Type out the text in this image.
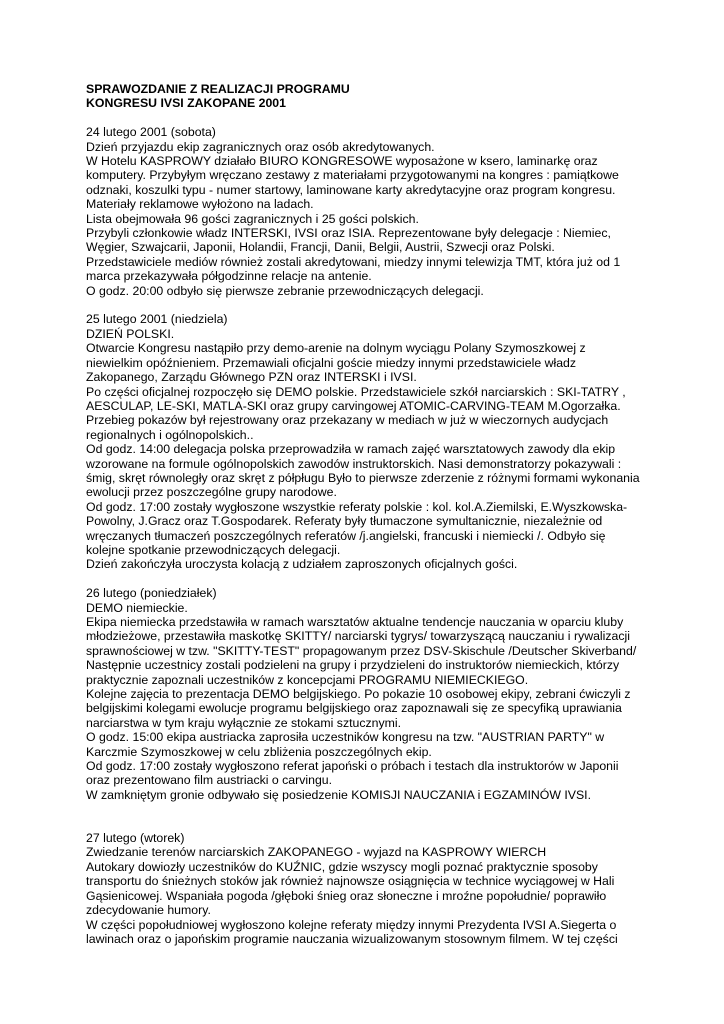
SPRAWOZDANIE Z REALIZACJI PROGRAMU

KONGRESU IVSI ZAKOPANE 2001

24 lutego 2001 (sobota)

Dzień przyjazdu ekip zagranicznych oraz osób akredytowanych.

W Hotelu KASPROWY działało BIURO KONGRESOWE wyposażone w ksero, laminarkę oraz

komputery. Przybyłym wręczano zestawy z materiałami przygotowanymi na kongres : pamiątkowe

odznaki, koszulki typu - numer startowy, laminowane karty akredytacyjne oraz program kongresu.

Materiały reklamowe wyłożono na ladach.

Lista obejmowała 96 gości zagranicznych i 25 gości polskich.

Przybyli członkowie władz INTERSKI, IVSI oraz ISIA. Reprezentowane były delegacje : Niemiec,

Węgier, Szwajcarii, Japonii, Holandii, Francji, Danii, Belgii, Austrii, Szwecji oraz Polski.

Przedstawiciele mediów również zostali akredytowani, miedzy innymi telewizja TMT, która już od 1

marca przekazywała półgodzinne relacje na antenie.

O godz. 20:00 odbyło się pierwsze zebranie przewodniczących delegacji.

25 lutego 2001 (niedziela)

DZIEŃ POLSKI.

Otwarcie Kongresu nastąpiło przy demo-arenie na dolnym wyciągu Polany Szymoszkowej z

niewielkim opóźnieniem. Przemawiali oficjalni goście miedzy innymi przedstawiciele władz

Zakopanego, Zarządu Głównego PZN oraz INTERSKI i IVSI.

Po części oficjalnej rozpoczęło się DEMO polskie. Przedstawiciele szkół narciarskich : SKI-TATRY ,

AESCULAP, LE-SKI, MATLA-SKI oraz grupy carvingowej ATOMIC-CARVING-TEAM M.Ogorzałka.

Przebieg pokazów był rejestrowany oraz przekazany w mediach w już w wieczornych audycjach

regionalnych i ogólnopolskich..

Od godz. 14:00 delegacja polska przeprowadziła w ramach zajęć warsztatowych zawody dla ekip

wzorowane na formule ogólnopolskich zawodów instruktorskich. Nasi demonstratorzy pokazywali :

śmig, skręt równoległy oraz skręt z półpługu Było to pierwsze zderzenie z różnymi formami wykonania

ewolucji przez poszczególne grupy narodowe.

Od godz. 17:00 zostały wygłoszone wszystkie referaty polskie : kol. kol.A.Ziemilski, E.Wyszkowska-

Powolny, J.Gracz oraz T.Gospodarek. Referaty były tłumaczone symultanicznie, niezależnie od

wręczanych tłumaczeń poszczególnych referatów /j.angielski, francuski i niemiecki /. Odbyło się

kolejne spotkanie przewodniczących delegacji.

Dzień zakończyła uroczysta kolacją z udziałem zaproszonych oficjalnych gości.

26 lutego (poniedziałek)

DEMO niemieckie.

Ekipa niemiecka przedstawiła w ramach warsztatów aktualne tendencje nauczania w oparciu kluby

młodzieżowe, przestawiła maskotkę SKITTY/ narciarski tygrys/ towarzyszącą nauczaniu i rywalizacji

sprawnościowej w tzw. "SKITTY-TEST" propagowanym przez DSV-Skischule /Deutscher Skiverband/

Następnie uczestnicy zostali podzieleni na grupy i przydzieleni do instruktorów niemieckich, którzy

praktycznie zapoznali uczestników z koncepcjami PROGRAMU NIEMIECKIEGO.

Kolejne zajęcia to prezentacja DEMO belgijskiego. Po pokazie 10 osobowej ekipy, zebrani ćwiczyli z

belgijskimi kolegami ewolucje programu belgijskiego oraz zapoznawali się ze specyfiką uprawiania

narciarstwa w tym kraju wyłącznie ze stokami sztucznymi.

O godz. 15:00 ekipa austriacka zaprosiła uczestników kongresu na tzw. "AUSTRIAN PARTY" w

Karczmie Szymoszkowej w celu zbliżenia poszczególnych ekip.

Od godz. 17:00 zostały wygłoszono referat japoński o próbach i testach dla instruktorów w Japonii

oraz prezentowano film austriacki o carvingu.

W zamkniętym gronie odbywało się posiedzenie KOMISJI NAUCZANIA i EGZAMINÓW IVSI.

27 lutego (wtorek)

Zwiedzanie terenów narciarskich ZAKOPANEGO - wyjazd na KASPROWY WIERCH

Autokary dowiozły uczestników do KUŹNIC, gdzie wszyscy mogli poznać praktycznie sposoby

transportu do śnieżnych stoków jak również najnowsze osiągnięcia w technice wyciągowej w Hali

Gąsienicowej. Wspaniała pogoda /głęboki śnieg oraz słoneczne i mroźne popołudnie/ poprawiło

zdecydowanie humory.

W części popołudniowej wygłoszono kolejne referaty między innymi Prezydenta IVSI A.Siegerta o

lawinach oraz o japońskim programie nauczania wizualizowanym stosownym filmem. W tej części
